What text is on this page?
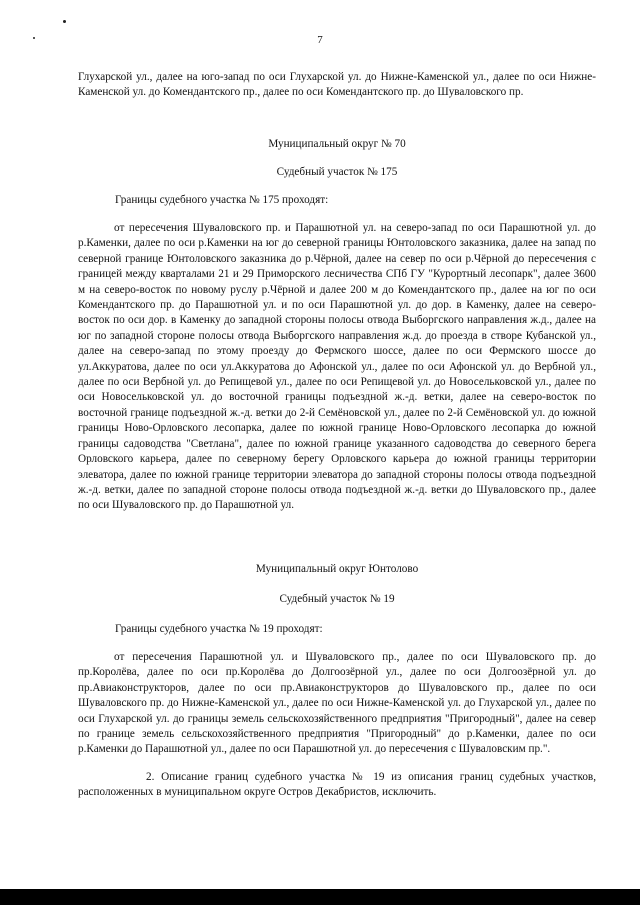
7

Глухарской ул., далее на юго-запад по оси Глухарской ул. до Нижне-Каменской ул., далее по оси Нижне-Каменской ул. до Комендантского пр., далее по оси Комендантского пр. до Шуваловского пр.

Муниципальный округ № 70
Судебный участок № 175
Границы судебного участка № 175 проходят:

от пересечения Шуваловского пр. и Парашютной ул. на северо-запад по оси Парашютной ул. до р.Каменки, далее по оси р.Каменки на юг до северной границы Юнтоловского заказника, далее на запад по северной границе Юнтоловского заказника до р.Чёрной, далее на север по оси р.Чёрной до пересечения с границей между кварталами 21 и 29 Приморского лесничества СПб ГУ "Курортный лесопарк", далее 3600 м на северо-восток по новому руслу р.Чёрной и далее 200 м до Комендантского пр., далее на юг по оси Комендантского пр. до Парашютной ул. и по оси Парашютной ул. до дор. в Каменку, далее на северо-восток по оси дор. в Каменку до западной стороны полосы отвода Выборгского направления ж.д., далее на юг по западной стороне полосы отвода Выборгского направления ж.д. до проезда в створе Кубанской ул., далее на северо-запад по этому проезду до Фермского шоссе, далее по оси Фермского шоссе до ул.Аккуратова, далее по оси ул.Аккуратова до Афонской ул., далее по оси Афонской ул. до Вербной ул., далее по оси Вербной ул. до Репищевой ул., далее по оси Репищевой ул. до Новосельковской ул., далее по оси Новосельковской ул. до восточной границы подъездной ж.-д. ветки, далее на северо-восток по восточной границе подъездной ж.-д. ветки до 2-й Семёновской ул., далее по 2-й Семёновской ул. до южной границы Ново-Орловского лесопарка, далее по южной границе Ново-Орловского лесопарка до южной границы садоводства "Светлана", далее по южной границе указанного садоводства до северного берега Орловского карьера, далее по северному берегу Орловского карьера до южной границы территории элеватора, далее по южной границе территории элеватора до западной стороны полосы отвода подъездной ж.-д. ветки, далее по западной стороне полосы отвода подъездной ж.-д. ветки до Шуваловского пр., далее по оси Шуваловского пр. до Парашютной ул.

Муниципальный округ Юнтолово
Судебный участок № 19
Границы судебного участка № 19 проходят:

от пересечения Парашютной ул. и Шуваловского пр., далее по оси Шуваловского пр. до пр.Королёва, далее по оси пр.Королёва до Долгоозёрной ул., далее по оси Долгоозёрной ул. до пр.Авиаконструкторов, далее по оси пр.Авиаконструкторов до Шуваловского пр., далее по оси Шуваловского пр. до Нижне-Каменской ул., далее по оси Нижне-Каменской ул. до Глухарской ул., далее по оси Глухарской ул. до границы земель сельскохозяйственного предприятия "Пригородный", далее на север по границе земель сельскохозяйственного предприятия "Пригородный" до р.Каменки, далее по оси р.Каменки до Парашютной ул., далее по оси Парашютной ул. до пересечения с Шуваловским пр.".

2. Описание границ судебного участка № 19 из описания границ судебных участков, расположенных в муниципальном округе Остров Декабристов, исключить.
